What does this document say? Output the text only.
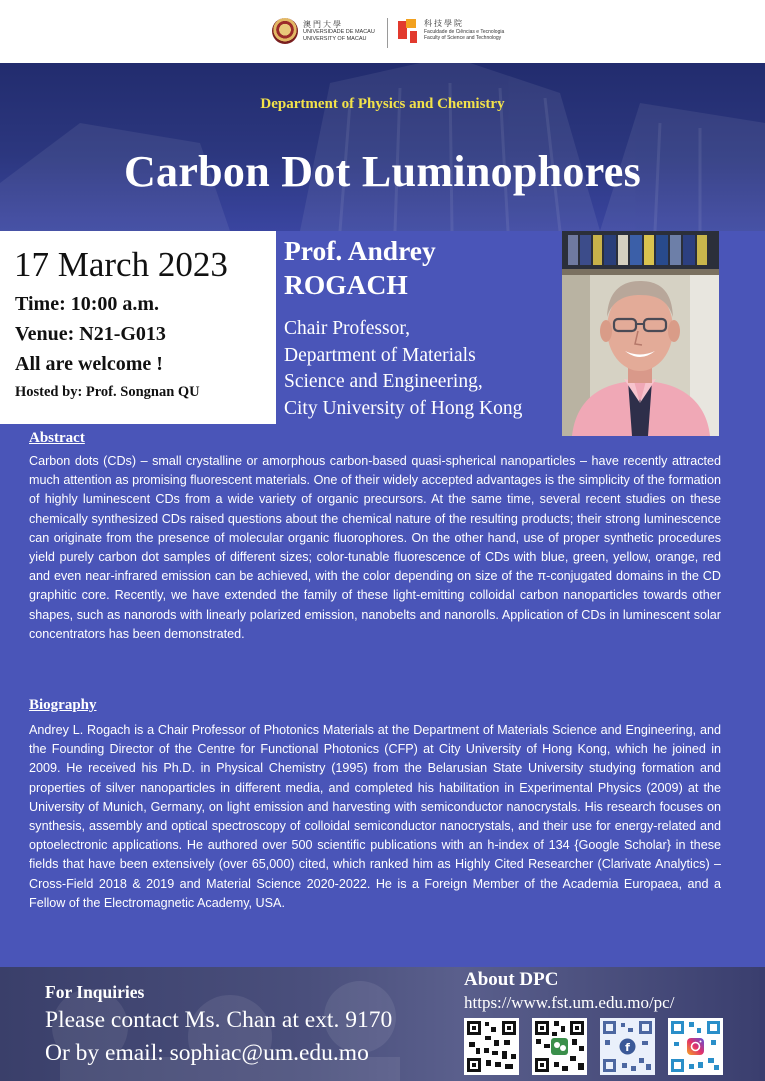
澳門大學
UNIVERSIDADE DE MACAU
UNIVERSITY OF MACAU
科技學院
Faculdade de Ciências e Tecnologia
Faculty of Science and Technology
Department of Physics and Chemistry
Carbon Dot Luminophores
17 March 2023
Time: 10:00 a.m.
Venue: N21-G013
All are welcome !
Hosted by: Prof. Songnan QU
Prof. Andrey
ROGACH
Chair Professor,
Department of Materials
Science and Engineering,
City University of Hong Kong
Abstract
Carbon dots (CDs) – small crystalline or amorphous carbon-based quasi-spherical nanoparticles – have recently attracted much attention as promising fluorescent materials. One of their widely accepted advantages is the simplicity of the formation of highly luminescent CDs from a wide variety of organic precursors. At the same time, several recent studies on these chemically synthesized CDs raised questions about the chemical nature of the resulting products; their strong luminescence can originate from the presence of molecular organic fluorophores. On the other hand, use of proper synthetic procedures yield purely carbon dot samples of different sizes; color-tunable fluorescence of CDs with blue, green, yellow, orange, red and even near-infrared emission can be achieved, with the color depending on size of the π-conjugated domains in the CD graphitic core. Recently, we have extended the family of these light-emitting colloidal carbon nanoparticles towards other shapes, such as nanorods with linearly polarized emission, nanobelts and nanorolls. Application of CDs in luminescent solar concentrators has been demonstrated.
Biography
Andrey L. Rogach is a Chair Professor of Photonics Materials at the Department of Materials Science and Engineering, and the Founding Director of the Centre for Functional Photonics (CFP) at City University of Hong Kong, which he joined in 2009. He received his Ph.D. in Physical Chemistry (1995) from the Belarusian State University studying formation and properties of silver nanoparticles in different media, and completed his habilitation in Experimental Physics (2009) at the University of Munich, Germany, on light emission and harvesting with semiconductor nanocrystals. His research focuses on synthesis, assembly and optical spectroscopy of colloidal semiconductor nanocrystals, and their use for energy-related and optoelectronic applications. He authored over 500 scientific publications with an h-index of 134 {Google Scholar} in these fields that have been extensively (over 65,000) cited, which ranked him as Highly Cited Researcher (Clarivate Analytics) – Cross-Field 2018 & 2019 and Material Science 2020-2022. He is a Foreign Member of the Academia Europaea, and a Fellow of the Electromagnetic Academy, USA.
For Inquiries
Please contact Ms. Chan at ext. 9170
Or by email: sophiac@um.edu.mo
About DPC
https://www.fst.um.edu.mo/pc/
f
